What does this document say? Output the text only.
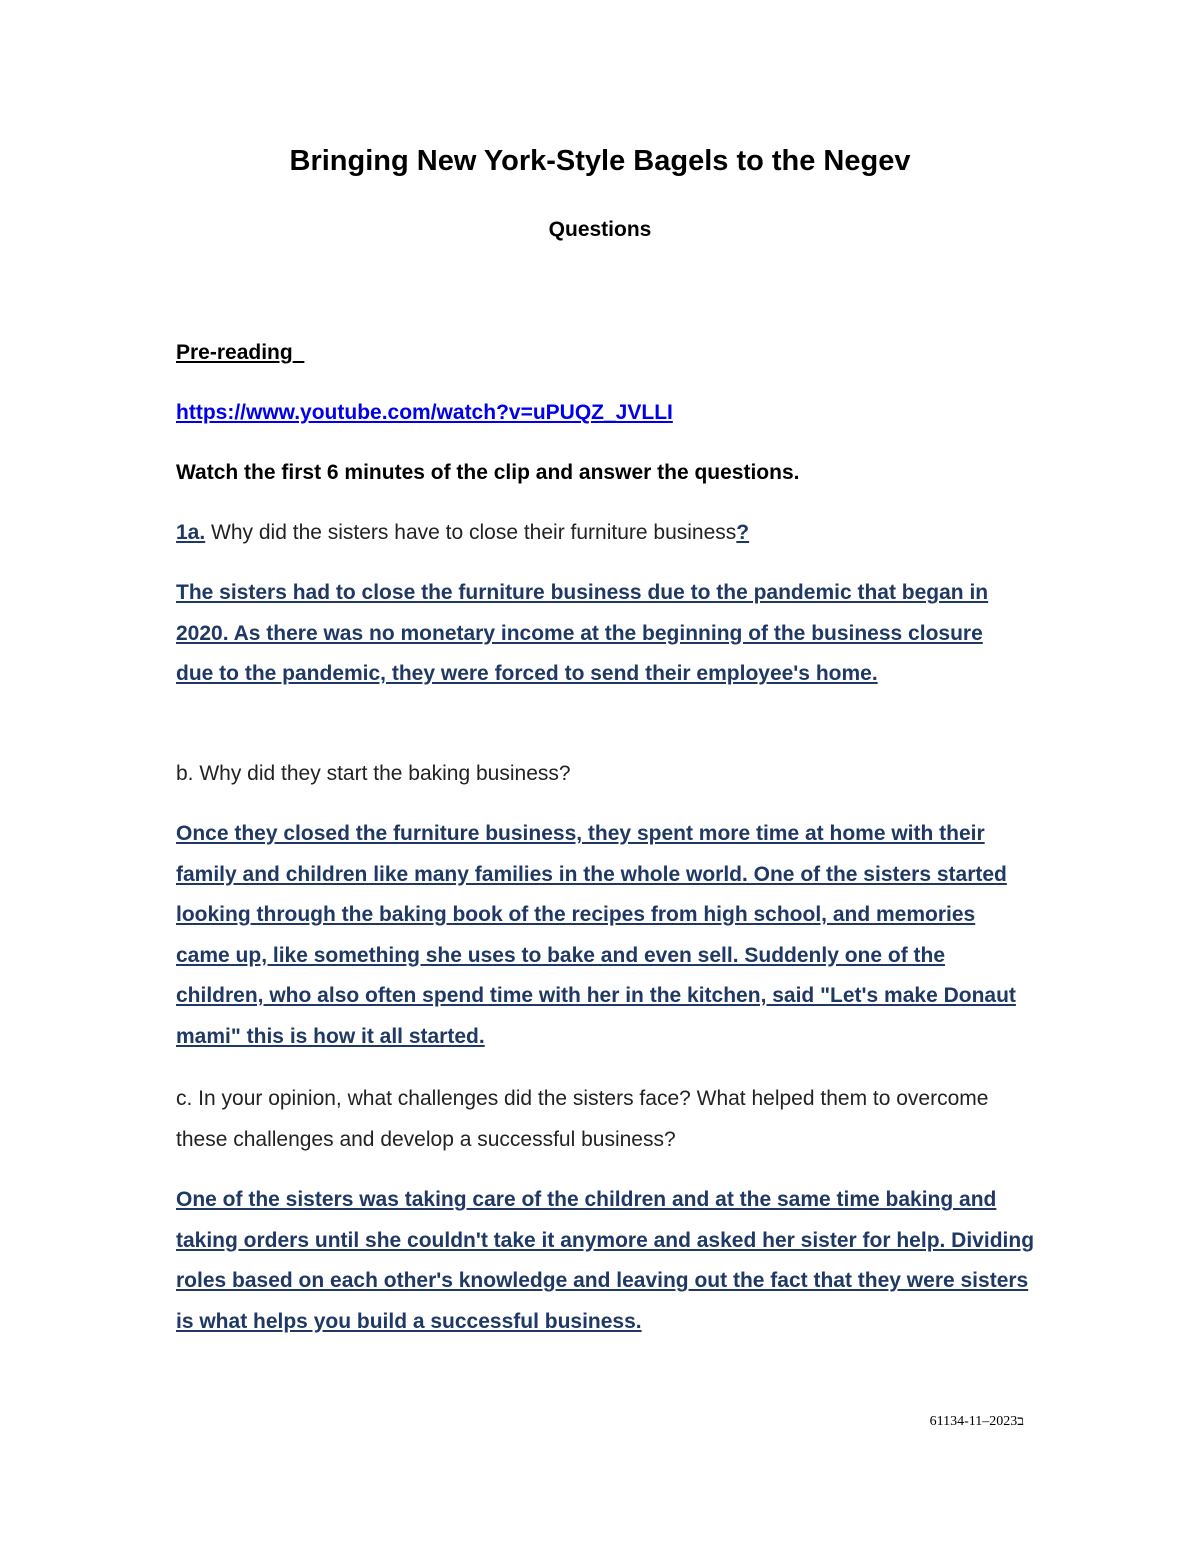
Bringing New York-Style Bagels to the Negev

Questions

Pre-reading

https://www.youtube.com/watch?v=uPUQZ_JVLLI

Watch the first 6 minutes of the clip and answer the questions.

1a. Why did the sisters have to close their furniture business?

The sisters had to close the furniture business due to the pandemic that began in 2020. As there was no monetary income at the beginning of the business closure due to the pandemic, they were forced to send their employee's home.

b. Why did they start the baking business?

Once they closed the furniture business, they spent more time at home with their family and children like many families in the whole world. One of the sisters started looking through the baking book of the recipes from high school, and memories came up, like something she uses to bake and even sell. Suddenly one of the children, who also often spend time with her in the kitchen, said "Let's make Donaut mami" this is how it all started.

c. In your opinion, what challenges did the sisters face? What helped them to overcome these challenges and develop a successful business?

One of the sisters was taking care of the children and at the same time baking and taking orders until she couldn't take it anymore and asked her sister for help. Dividing roles based on each other's knowledge and leaving out the fact that they were sisters is what helps you build a successful business.

61134-11–2023ב
